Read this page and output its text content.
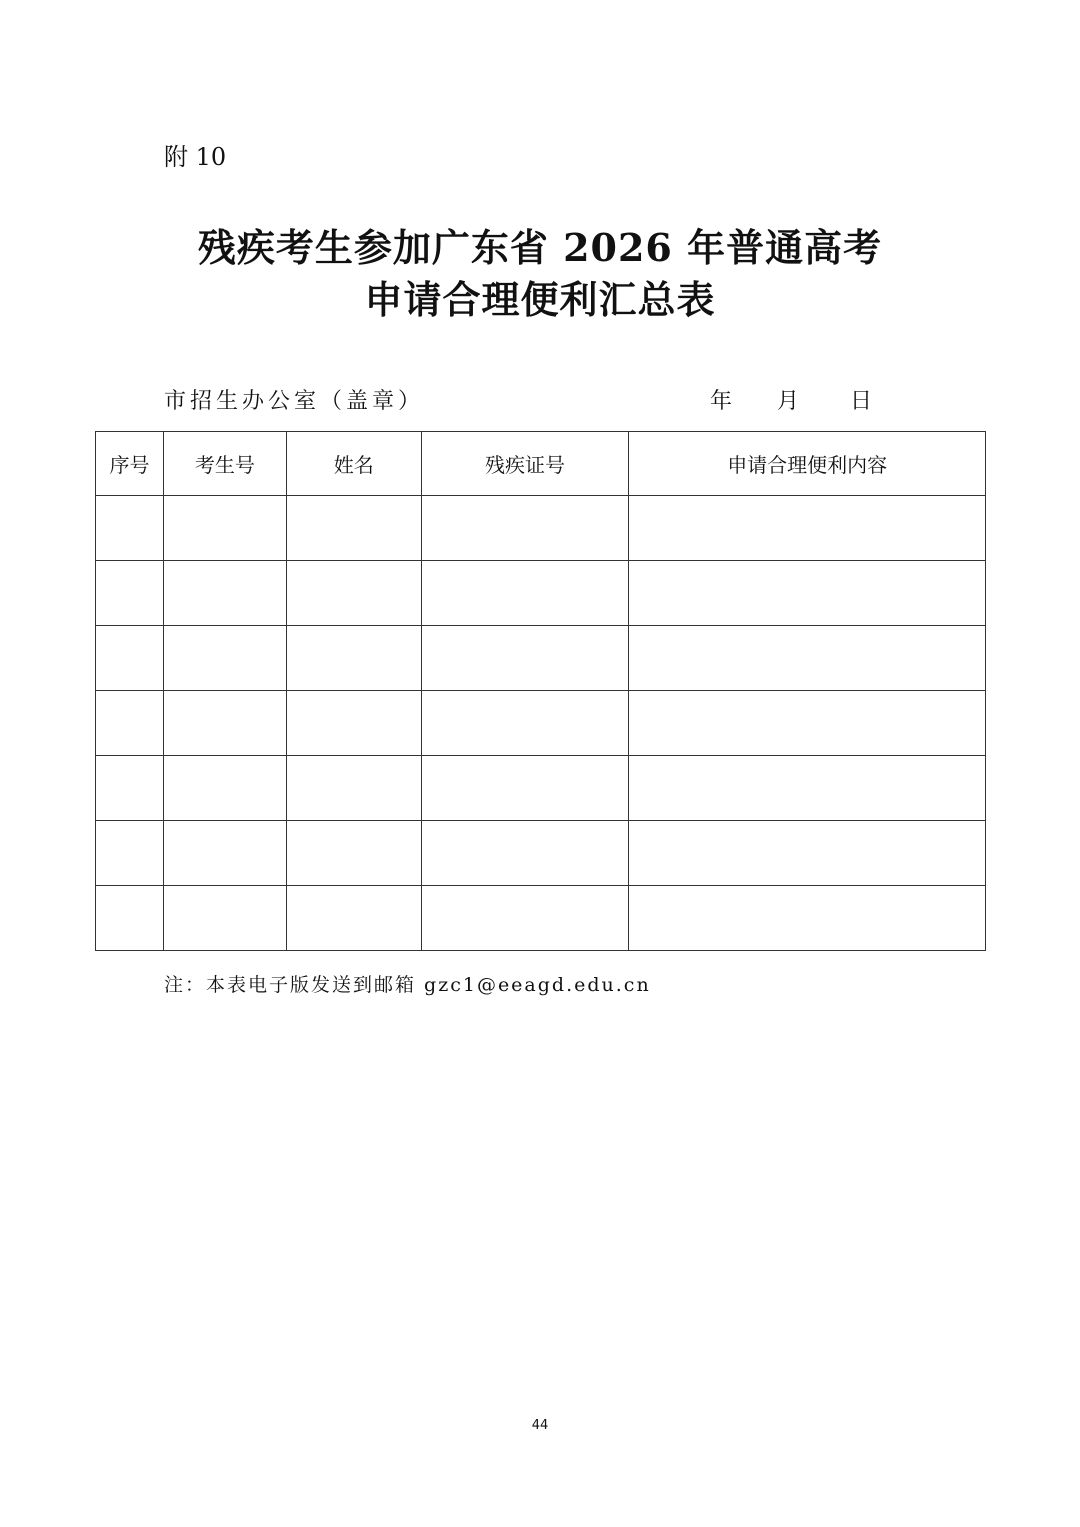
附 10
残疾考生参加广东省 2026 年普通高考
申请合理便利汇总表
市招生办公室（盖章）	年 月 日
序号	考生号	姓名	残疾证号	申请合理便利内容

注：本表电子版发送到邮箱 gzc1@eeagd.edu.cn
44
